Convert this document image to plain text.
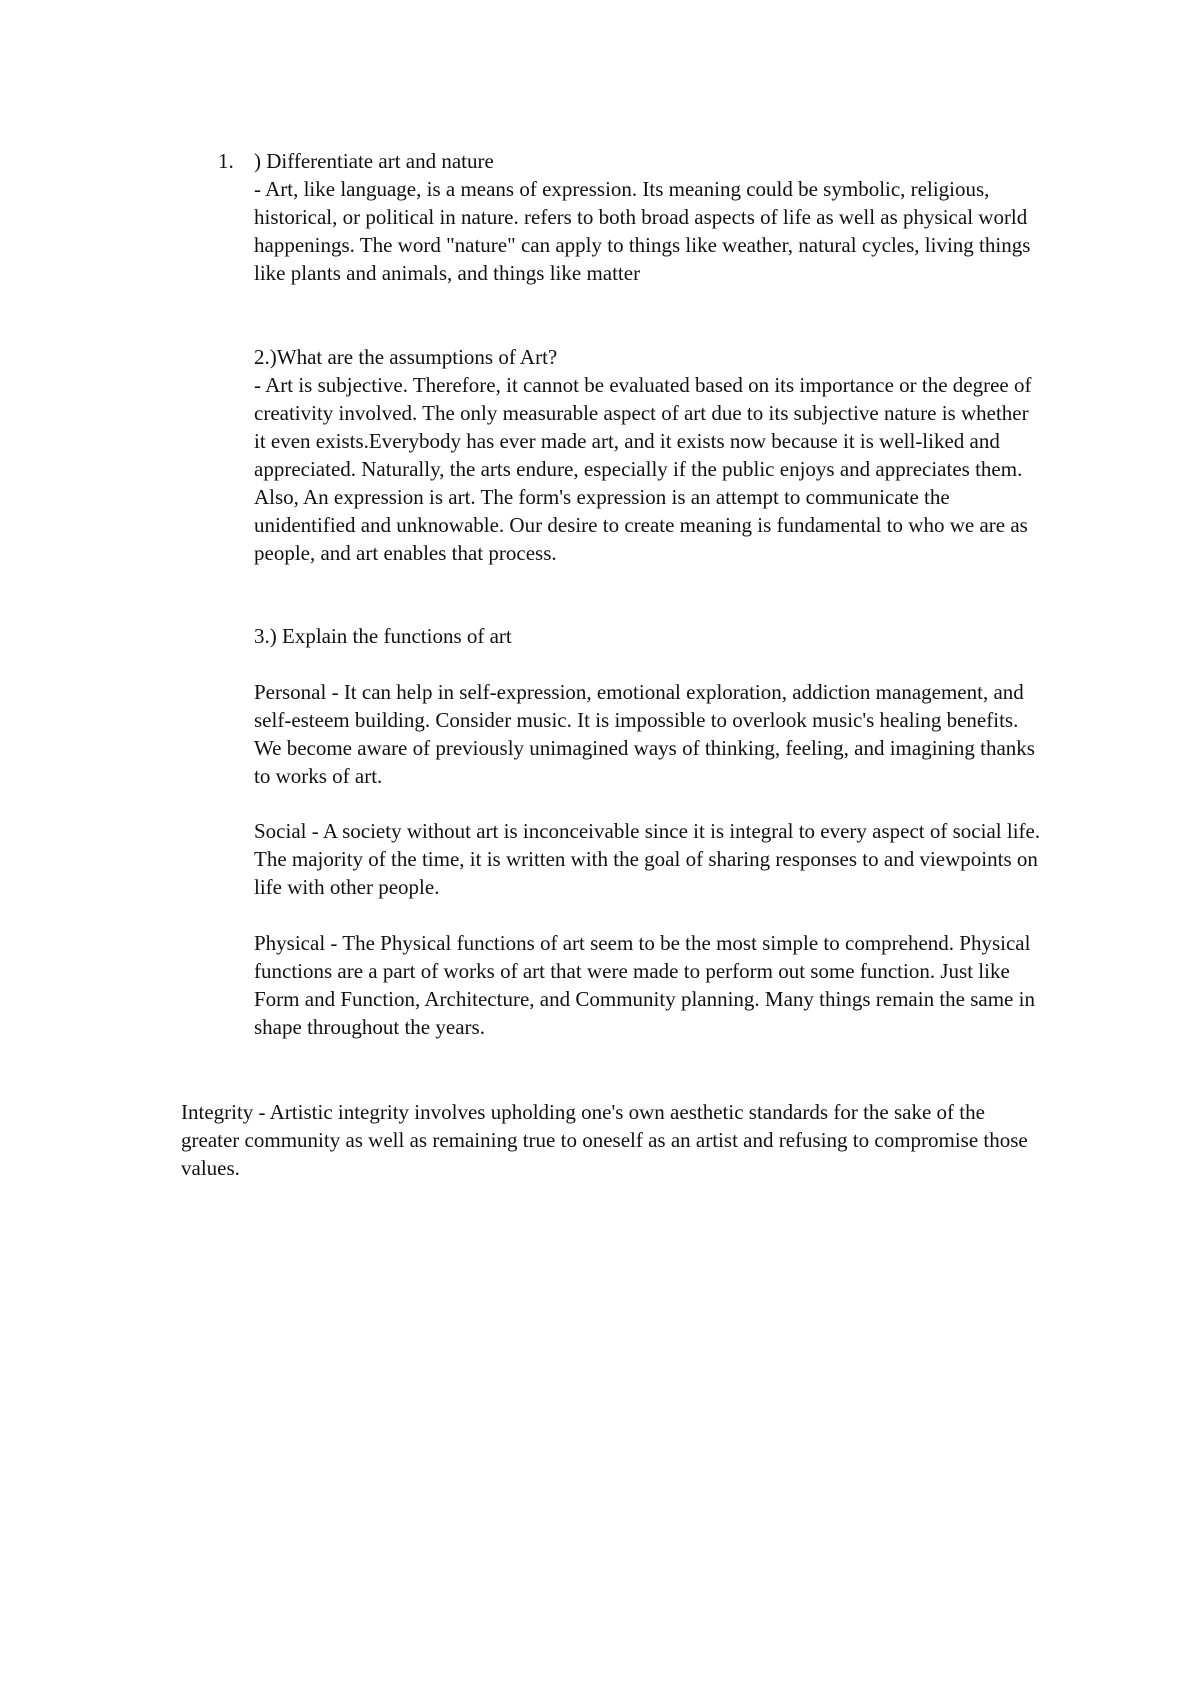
1. ) Differentiate art and nature

- Art, like language, is a means of expression. Its meaning could be symbolic, religious, historical, or political in nature. refers to both broad aspects of life as well as physical world happenings. The word "nature" can apply to things like weather, natural cycles, living things like plants and animals, and things like matter

2.)What are the assumptions of Art?

- Art is subjective. Therefore, it cannot be evaluated based on its importance or the degree of creativity involved. The only measurable aspect of art due to its subjective nature is whether it even exists.Everybody has ever made art, and it exists now because it is well-liked and appreciated. Naturally, the arts endure, especially if the public enjoys and appreciates them. Also, An expression is art. The form's expression is an attempt to communicate the unidentified and unknowable. Our desire to create meaning is fundamental to who we are as people, and art enables that process.

3.) Explain the functions of art

Personal - It can help in self-expression, emotional exploration, addiction management, and self-esteem building. Consider music. It is impossible to overlook music's healing benefits. We become aware of previously unimagined ways of thinking, feeling, and imagining thanks to works of art.

Social - A society without art is inconceivable since it is integral to every aspect of social life. The majority of the time, it is written with the goal of sharing responses to and viewpoints on life with other people.

Physical - The Physical functions of art seem to be the most simple to comprehend. Physical functions are a part of works of art that were made to perform out some function. Just like Form and Function, Architecture, and Community planning. Many things remain the same in shape throughout the years.

Integrity - Artistic integrity involves upholding one's own aesthetic standards for the sake of the greater community as well as remaining true to oneself as an artist and refusing to compromise those values.
